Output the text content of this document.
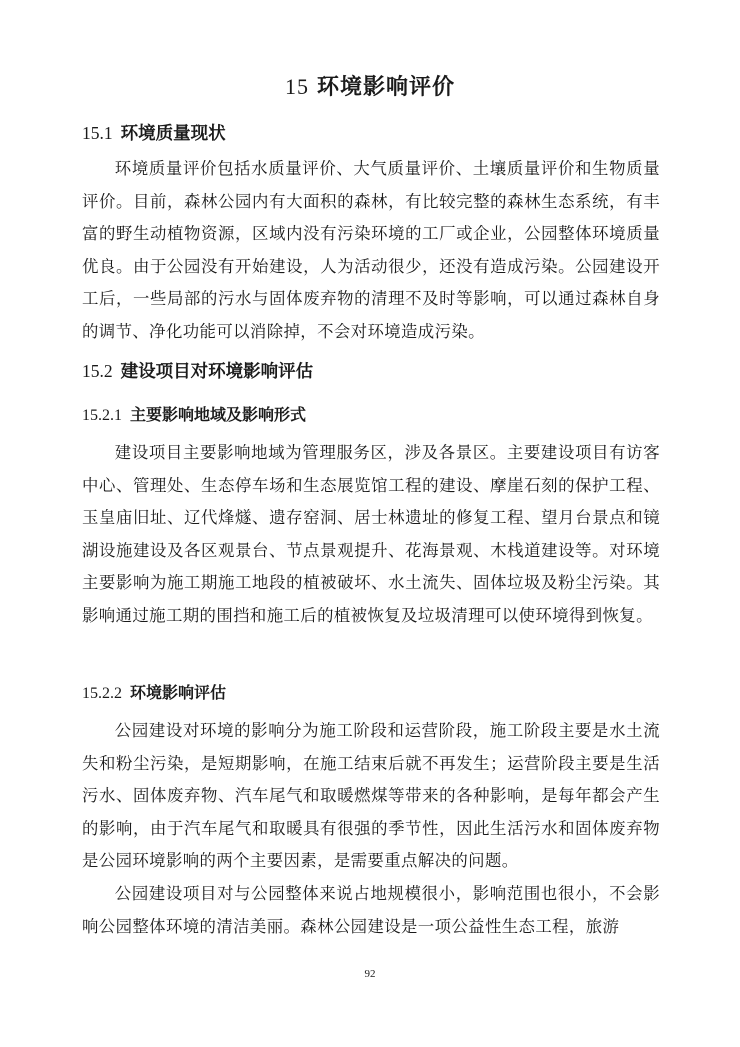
15 环境影响评价
15.1 环境质量现状

环境质量评价包括水质量评价、大气质量评价、土壤质量评价和生物质量评价。目前，森林公园内有大面积的森林，有比较完整的森林生态系统，有丰富的野生动植物资源，区域内没有污染环境的工厂或企业，公园整体环境质量优良。由于公园没有开始建设，人为活动很少，还没有造成污染。公园建设开工后，一些局部的污水与固体废弃物的清理不及时等影响，可以通过森林自身的调节、净化功能可以消除掉，不会对环境造成污染。

15.2 建设项目对环境影响评估
15.2.1 主要影响地域及影响形式

建设项目主要影响地域为管理服务区，涉及各景区。主要建设项目有访客中心、管理处、生态停车场和生态展览馆工程的建设、摩崖石刻的保护工程、玉皇庙旧址、辽代烽燧、遗存窑洞、居士林遗址的修复工程、望月台景点和镜湖设施建设及各区观景台、节点景观提升、花海景观、木栈道建设等。对环境主要影响为施工期施工地段的植被破坏、水土流失、固体垃圾及粉尘污染。其影响通过施工期的围挡和施工后的植被恢复及垃圾清理可以使环境得到恢复。

15.2.2 环境影响评估

公园建设对环境的影响分为施工阶段和运营阶段，施工阶段主要是水土流失和粉尘污染，是短期影响，在施工结束后就不再发生；运营阶段主要是生活污水、固体废弃物、汽车尾气和取暖燃煤等带来的各种影响，是每年都会产生的影响，由于汽车尾气和取暖具有很强的季节性，因此生活污水和固体废弃物是公园环境影响的两个主要因素，是需要重点解决的问题。

公园建设项目对与公园整体来说占地规模很小，影响范围也很小，不会影响公园整体环境的清洁美丽。森林公园建设是一项公益性生态工程，旅游

92
